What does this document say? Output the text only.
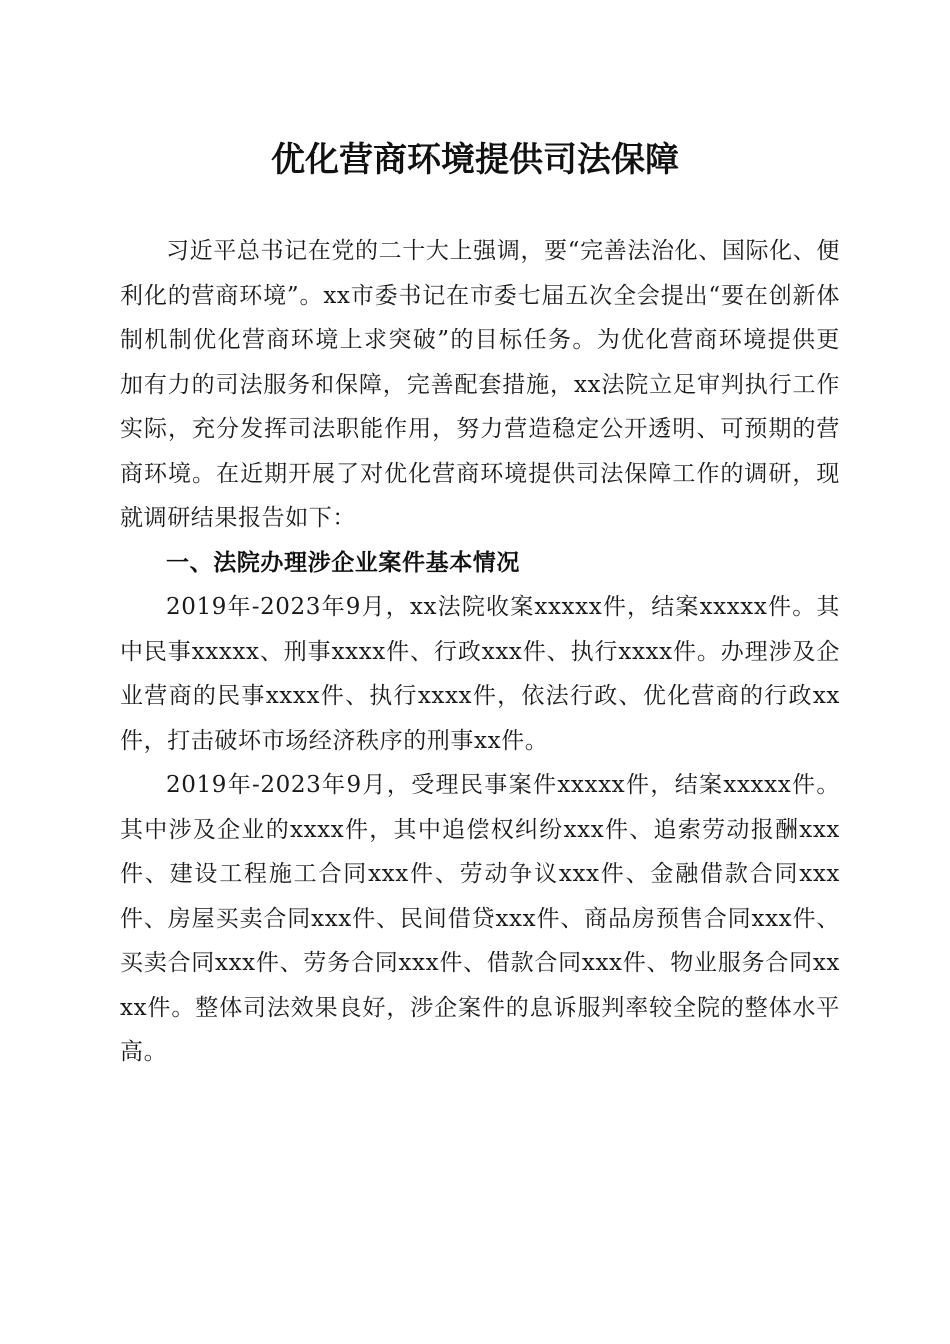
优化营商环境提供司法保障

习近平总书记在党的二十大上强调，要“完善法治化、国际化、便利化的营商环境”。xx市委书记在市委七届五次全会提出“要在创新体制机制优化营商环境上求突破”的目标任务。为优化营商环境提供更加有力的司法服务和保障，完善配套措施，xx法院立足审判执行工作实际，充分发挥司法职能作用，努力营造稳定公开透明、可预期的营商环境。在近期开展了对优化营商环境提供司法保障工作的调研，现就调研结果报告如下：

一、法院办理涉企业案件基本情况

2019年-2023年9月，xx法院收案xxxxx件，结案xxxxx件。其中民事xxxxx、刑事xxxx件、行政xxx件、执行xxxx件。办理涉及企业营商的民事xxxx件、执行xxxx件，依法行政、优化营商的行政xx件，打击破坏市场经济秩序的刑事xx件。

2019年-2023年9月，受理民事案件xxxxx件，结案xxxxx件。其中涉及企业的xxxx件，其中追偿权纠纷xxx件、追索劳动报酬xxx件、建设工程施工合同xxx件、劳动争议xxx件、金融借款合同xxx件、房屋买卖合同xxx件、民间借贷xxx件、商品房预售合同xxx件、买卖合同xxx件、劳务合同xxx件、借款合同xxx件、物业服务合同xxxx件。整体司法效果良好，涉企案件的息诉服判率较全院的整体水平高。
